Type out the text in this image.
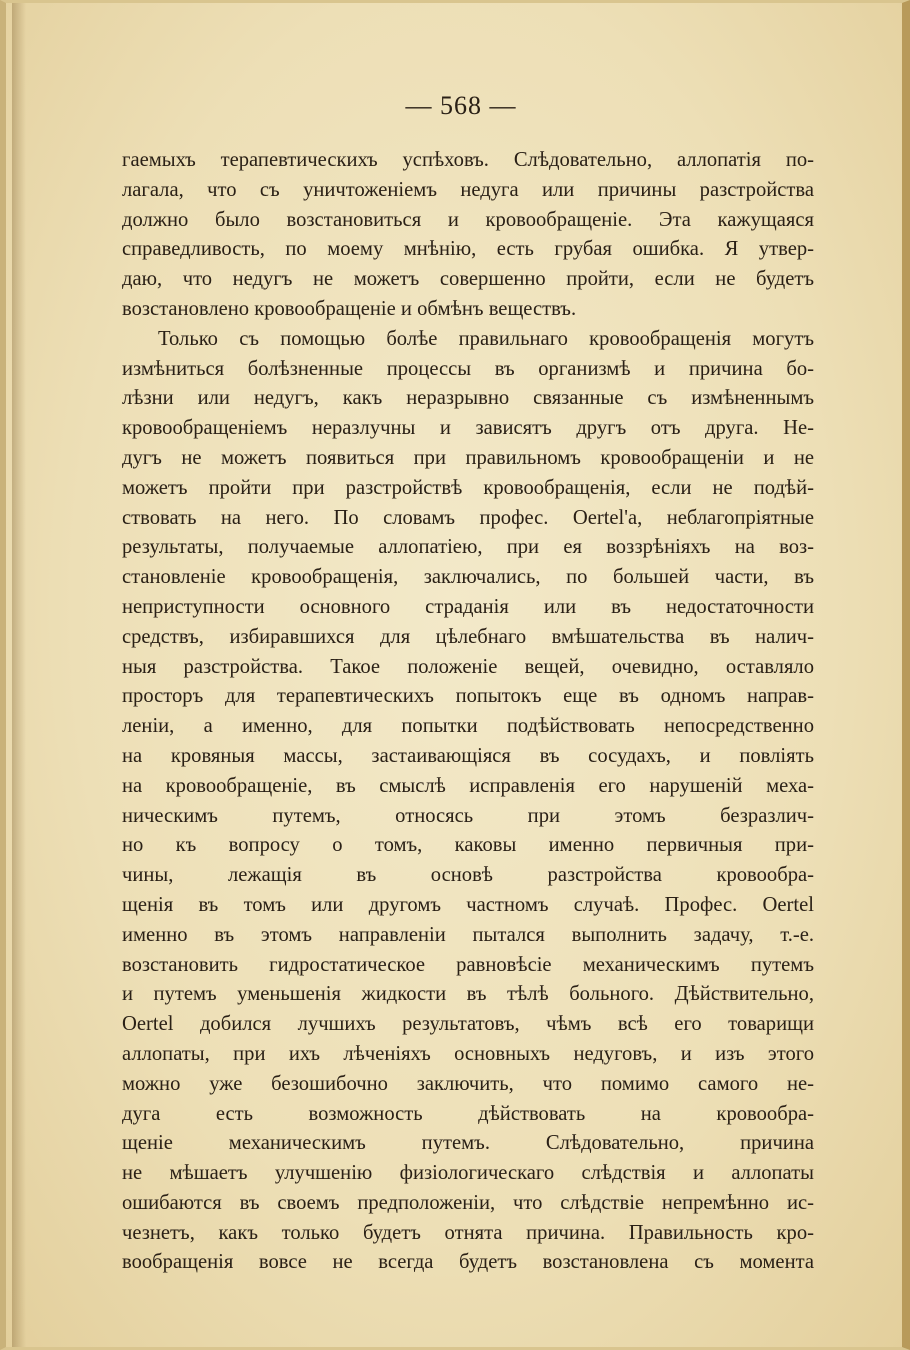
— 568 —
гаемыхъ терапевтическихъ успѣховъ. Слѣдовательно, аллопатія по-
лагала, что съ уничтоженіемъ недуга или причины разстройства
должно было возстановиться и кровообращеніе. Эта кажущаяся
справедливость, по моему мнѣнію, есть грубая ошибка. Я утвер-
даю, что недугъ не можетъ совершенно пройти, если не будетъ
возстановлено кровообращеніе и обмѣнъ веществъ.
Только съ помощью болѣе правильнаго кровообращенія могутъ
измѣниться болѣзненные процессы въ организмѣ и причина бо-
лѣзни или недугъ, какъ неразрывно связанные съ измѣненнымъ
кровообращеніемъ неразлучны и зависятъ другъ отъ друга. Не-
дугъ не можетъ появиться при правильномъ кровообращеніи и не
можетъ пройти при разстройствѣ кровообращенія, если не подѣй-
ствовать на него. По словамъ профес. Oertel'а, неблагопріятные
результаты, получаемые аллопатіею, при ея воззрѣніяхъ на воз-
становленіе кровообращенія, заключались, по большей части, въ
неприступности основного страданія или въ недостаточности
средствъ, избиравшихся для цѣлебнаго вмѣшательства въ налич-
ныя разстройства. Такое положеніе вещей, очевидно, оставляло
просторъ для терапевтическихъ попытокъ еще въ одномъ направ-
леніи, а именно, для попытки подѣйствовать непосредственно
на кровяныя массы, застаивающіяся въ сосудахъ, и повліять
на кровообращеніе, въ смыслѣ исправленія его нарушеній меха-
ническимъ путемъ, относясь при этомъ безразлич-
но къ вопросу о томъ, каковы именно первичныя при-
чины, лежащія въ основѣ разстройства кровообра-
щенія въ томъ или другомъ частномъ случаѣ. Профес. Oertel
именно въ этомъ направленіи пытался выполнить задачу, т.-е.
возстановить гидростатическое равновѣсіе механическимъ путемъ
и путемъ уменьшенія жидкости въ тѣлѣ больного. Дѣйствительно,
Oertel добился лучшихъ результатовъ, чѣмъ всѣ его товарищи
аллопаты, при ихъ лѣченіяхъ основныхъ недуговъ, и изъ этого
можно уже безошибочно заключить, что помимо самого не-
дуга есть возможность дѣйствовать на кровообра-
щеніе механическимъ путемъ. Слѣдовательно, причина
не мѣшаетъ улучшенію физіологическаго слѣдствія и аллопаты
ошибаются въ своемъ предположеніи, что слѣдствіе непремѣнно ис-
чезнетъ, какъ только будетъ отнята причина. Правильность кро-
вообращенія вовсе не всегда будетъ возстановлена съ момента
